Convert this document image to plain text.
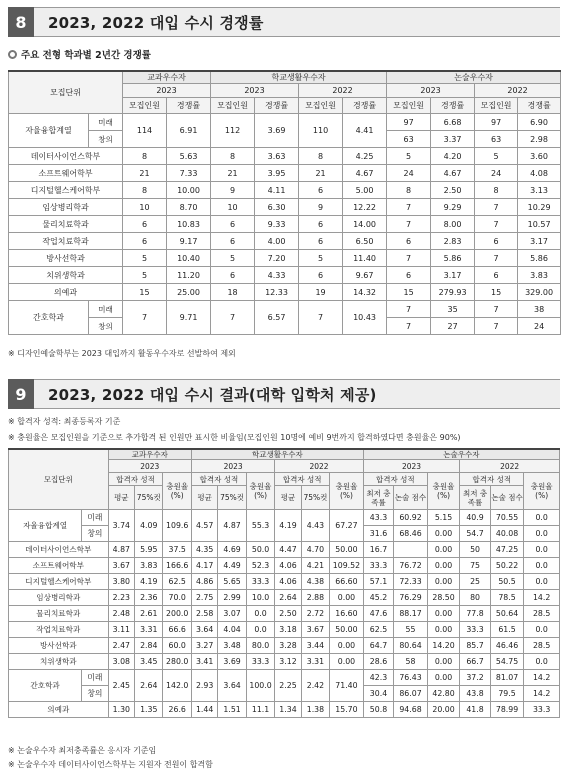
8	2023, 2022 대입 수시 경쟁률
주요 전형 학과별 2년간 경쟁률
모집단위		교과우수자		학교생활우수자				논술우수자			
		2023		2023		2022		2023		2022	
		모집인원	경쟁률	모집인원	경쟁률	모집인원	경쟁률	모집인원	경쟁률	모집인원	경쟁률
자율융합계열	미래	114	6.91	112	3.69	110	4.41	97	6.68	97	6.90
	창의							63	3.37	63	2.98
데이터사이언스학부		8	5.63	8	3.63	8	4.25	5	4.20	5	3.60
소프트웨어학부		21	7.33	21	3.95	21	4.67	24	4.67	24	4.08
디지털헬스케어학부		8	10.00	9	4.11	6	5.00	8	2.50	8	3.13
임상병리학과		10	8.70	10	6.30	9	12.22	7	9.29	7	10.29
물리치료학과		6	10.83	6	9.33	6	14.00	7	8.00	7	10.57
작업치료학과		6	9.17	6	4.00	6	6.50	6	2.83	6	3.17
방사선학과		5	10.40	5	7.20	5	11.40	7	5.86	7	5.86
치위생학과		5	11.20	6	4.33	6	9.67	6	3.17	6	3.83
의예과		15	25.00	18	12.33	19	14.32	15	279.93	15	329.00
간호학과	미래	7	9.71	7	6.57	7	10.43	7	35	7	38
	창의							7	27	7	24
※ 디자인예술학부는 2023 대입까지 활동우수자로 선발하여 제외
9	2023, 2022 대입 수시 결과(대학 입학처 제공)
※ 합격자 성적: 최종등록자 기준
※ 충원율은 모집인원을 기준으로 추가합격 된 인원만 표시한 비율임(모집인원 10명에 예비 9번까지 합격하였다면 충원율은 90%)
모집단위		교과우수자			학교생활우수자						논술우수자					
		2023			2023			2022			2023			2022		
		합격자 성적		충원율 (%)	합격자 성적		충원율 (%)	합격자 성적		충원율 (%)	합격자 성적		충원율 (%)	합격자 성적		충원율 (%)
		평균	75%컷		평균	75%컷		평균	75%컷		최저 충족률	논술 점수		최저 충족률	논술 점수	
자율융합계열	미래	3.74	4.09	109.6	4.57	4.87	55.3	4.19	4.43	67.27	43.3	60.92	5.15	40.9	70.55	0.0
	창의										31.6	68.46	0.00	54.7	40.08	0.0
데이터사이언스학부		4.87	5.95	37.5	4.35	4.69	50.0	4.47	4.70	50.00	16.7		0.00	50	47.25	0.0
소프트웨어학부		3.67	3.83	166.6	4.17	4.49	52.3	4.06	4.21	109.52	33.3	76.72	0.00	75	50.22	0.0
디지털헬스케어학부		3.80	4.19	62.5	4.86	5.65	33.3	4.06	4.38	66.60	57.1	72.33	0.00	25	50.5	0.0
임상병리학과		2.23	2.36	70.0	2.75	2.99	10.0	2.64	2.88	0.00	45.2	76.29	28.50	80	78.5	14.2
물리치료학과		2.48	2.61	200.0	2.58	3.07	0.0	2.50	2.72	16.60	47.6	88.17	0.00	77.8	50.64	28.5
작업치료학과		3.11	3.31	66.6	3.64	4.04	0.0	3.18	3.67	50.00	62.5	55	0.00	33.3	61.5	0.0
방사선학과		2.47	2.84	60.0	3.27	3.48	80.0	3.28	3.44	0.00	64.7	80.64	14.20	85.7	46.46	28.5
치위생학과		3.08	3.45	280.0	3.41	3.69	33.3	3.12	3.31	0.00	28.6	58	0.00	66.7	54.75	0.0
간호학과	미래	2.45	2.64	142.0	2.93	3.64	100.0	2.25	2.42	71.40	42.3	76.43	0.00	37.2	81.07	14.2
	창의										30.4	86.07	42.80	43.8	79.5	14.2
의예과		1.30	1.35	26.6	1.44	1.51	11.1	1.34	1.38	15.70	50.8	94.68	20.00	41.8	78.99	33.3
※ 논술우수자 최저충족률은 응시자 기준임
※ 논술우수자 데이터사이언스학부는 지원자 전원이 합격함
